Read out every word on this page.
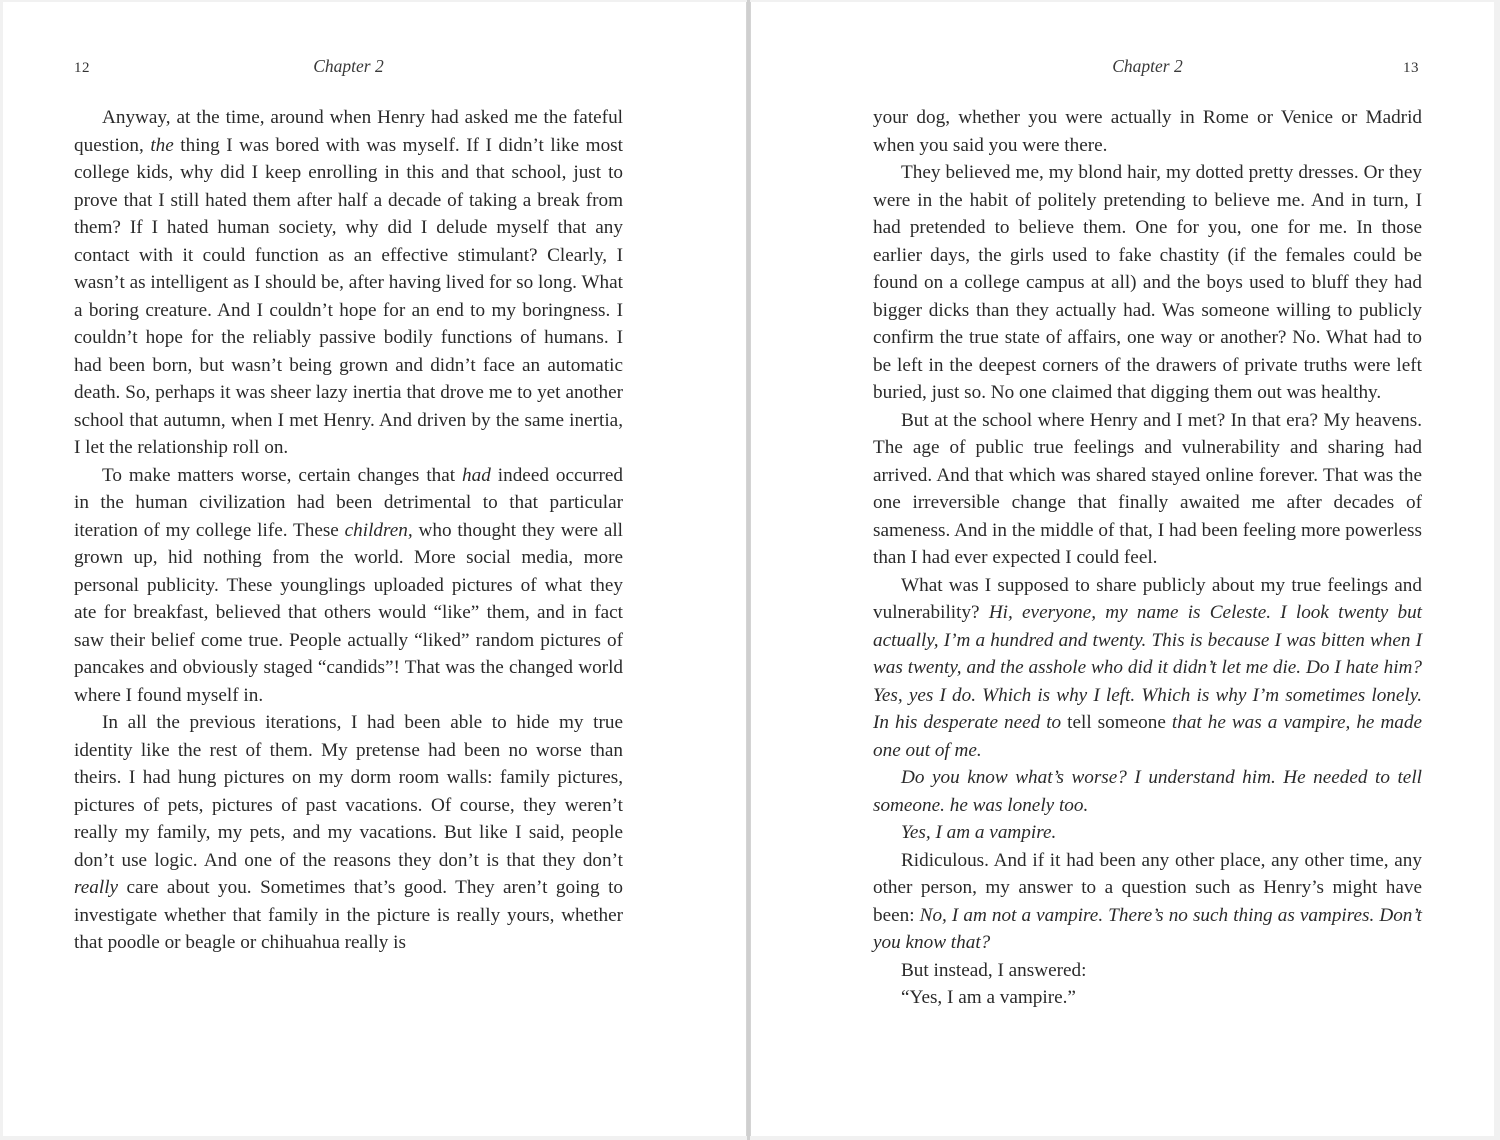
12	Chapter 2

Anyway, at the time, around when Henry had asked me the fateful question, the thing I was bored with was myself. If I didn’t like most college kids, why did I keep enrolling in this and that school, just to prove that I still hated them after half a decade of taking a break from them? If I hated human society, why did I delude myself that any contact with it could function as an effective stimulant? Clearly, I wasn’t as intelligent as I should be, after having lived for so long. What a boring creature. And I couldn’t hope for an end to my boringness. I couldn’t hope for the reliably passive bodily functions of humans. I had been born, but wasn’t being grown and didn’t face an automatic death. So, perhaps it was sheer lazy inertia that drove me to yet another school that autumn, when I met Henry. And driven by the same inertia, I let the relationship roll on.

To make matters worse, certain changes that had indeed occurred in the human civilization had been detrimental to that particular iteration of my college life. These children, who thought they were all grown up, hid nothing from the world. More social media, more personal publicity. These younglings uploaded pictures of what they ate for breakfast, believed that others would “like” them, and in fact saw their belief come true. People actually “liked” random pictures of pancakes and obviously staged “candids”! That was the changed world where I found myself in.

In all the previous iterations, I had been able to hide my true identity like the rest of them. My pretense had been no worse than theirs. I had hung pictures on my dorm room walls: family pictures, pictures of pets, pictures of past vacations. Of course, they weren’t really my family, my pets, and my vacations. But like I said, people don’t use logic. And one of the reasons they don’t is that they don’t really care about you. Sometimes that’s good. They aren’t going to investigate whether that family in the picture is really yours, whether that poodle or beagle or chihuahua really is

Chapter 2	13

your dog, whether you were actually in Rome or Venice or Madrid when you said you were there.

They believed me, my blond hair, my dotted pretty dresses. Or they were in the habit of politely pretending to believe me. And in turn, I had pretended to believe them. One for you, one for me. In those earlier days, the girls used to fake chastity (if the females could be found on a college campus at all) and the boys used to bluff they had bigger dicks than they actually had. Was someone willing to publicly confirm the true state of affairs, one way or another? No. What had to be left in the deepest corners of the drawers of private truths were left buried, just so. No one claimed that digging them out was healthy.

But at the school where Henry and I met? In that era? My heavens. The age of public true feelings and vulnerability and sharing had arrived. And that which was shared stayed online forever. That was the one irreversible change that finally awaited me after decades of sameness. And in the middle of that, I had been feeling more powerless than I had ever expected I could feel.

What was I supposed to share publicly about my true feelings and vulnerability? Hi, everyone, my name is Celeste. I look twenty but actually, I’m a hundred and twenty. This is because I was bitten when I was twenty, and the asshole who did it didn’t let me die. Do I hate him? Yes, yes I do. Which is why I left. Which is why I’m sometimes lonely. In his desperate need to tell someone that he was a vampire, he made one out of me.

Do you know what’s worse? I understand him. He needed to tell someone. he was lonely too.

Yes, I am a vampire.

Ridiculous. And if it had been any other place, any other time, any other person, my answer to a question such as Henry’s might have been: No, I am not a vampire. There’s no such thing as vampires. Don’t you know that?

But instead, I answered:

“Yes, I am a vampire.”
